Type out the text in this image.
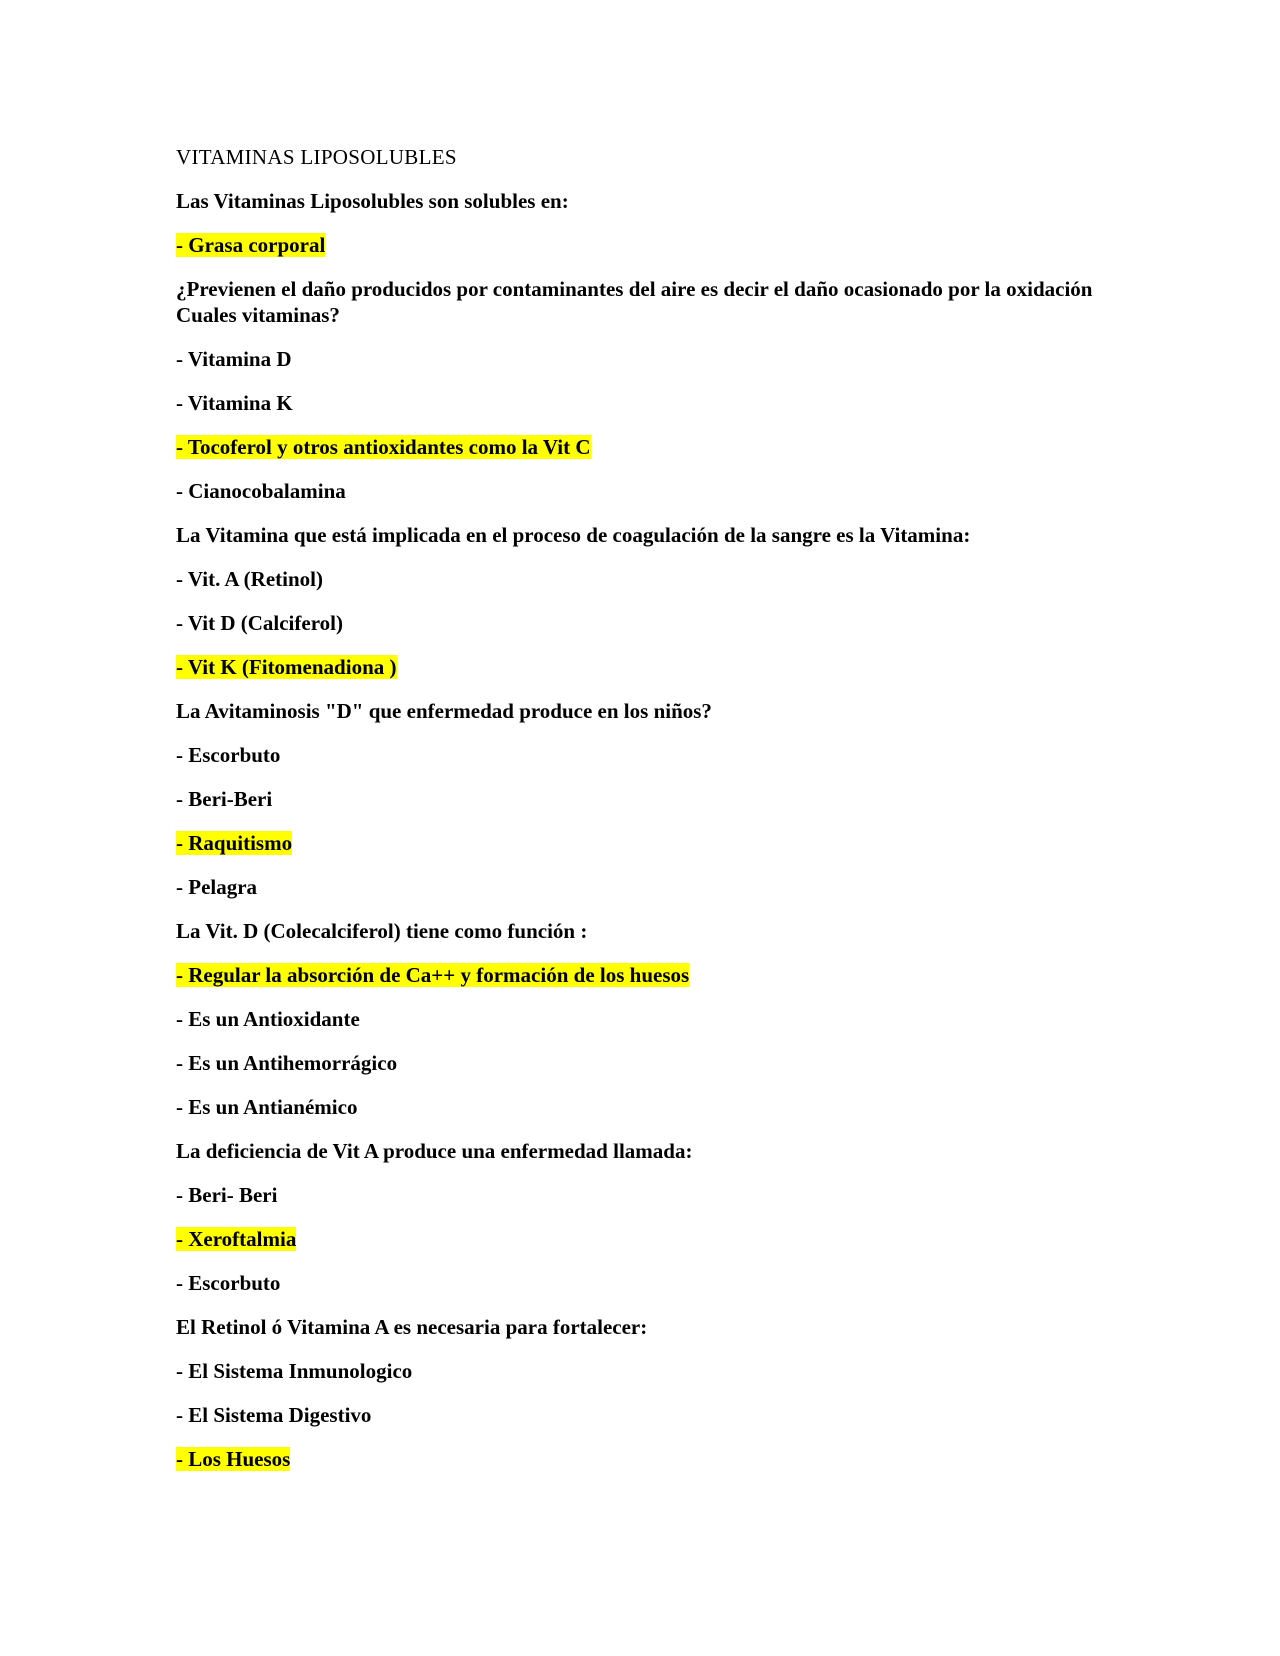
VITAMINAS LIPOSOLUBLES
Las Vitaminas Liposolubles son solubles en:
- Grasa corporal
¿Previenen el daño producidos por contaminantes del aire es decir el daño ocasionado por la oxidación Cuales vitaminas?
- Vitamina D
- Vitamina K
- Tocoferol y otros antioxidantes como la Vit C
- Cianocobalamina
La Vitamina que está implicada en el proceso de coagulación de la sangre es la Vitamina:
- Vit. A (Retinol)
- Vit D (Calciferol)
- Vit K (Fitomenadiona )
La Avitaminosis "D" que enfermedad produce en los niños?
- Escorbuto
- Beri-Beri
- Raquitismo
- Pelagra
La Vit. D (Colecalciferol) tiene como función :
- Regular la absorción de Ca++ y formación de los huesos
- Es un Antioxidante
- Es un Antihemorrágico
- Es un Antianémico
La deficiencia de Vit A produce una enfermedad llamada:
- Beri- Beri
- Xeroftalmia
- Escorbuto
El Retinol ó Vitamina A es necesaria para fortalecer:
- El Sistema Inmunologico
- El Sistema Digestivo
- Los Huesos
